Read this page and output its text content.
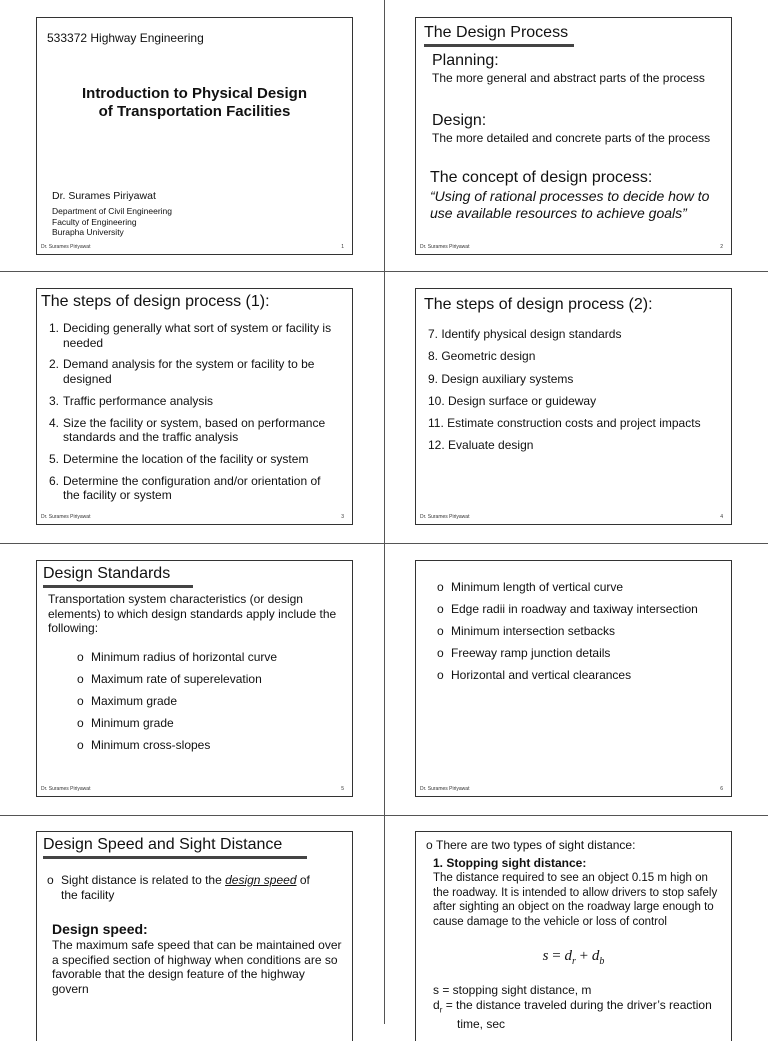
533372 Highway Engineering
Introduction to Physical Design
of Transportation Facilities
Dr. Surames Piriyawat
Department of Civil Engineering
Faculty of Engineering
Burapha University
Dr. Surames Piriyawat	1
The Design Process
Planning:
The more general and abstract parts of the process
Design:
The more detailed and concrete parts of the process
The concept of design process:
“Using of rational processes to decide how to use available resources to achieve goals”
Dr. Surames Piriyawat	2
The steps of design process (1):
1. Deciding generally what sort of system or facility is needed
2. Demand analysis for the system or facility to be designed
3. Traffic performance analysis
4. Size the facility or system, based on performance standards and the traffic analysis
5. Determine the location of the facility or system
6. Determine the configuration and/or orientation of the facility or system
Dr. Surames Piriyawat	3
The steps of design process (2):
7. Identify physical design standards
8. Geometric design
9. Design auxiliary systems
10. Design surface or guideway
11. Estimate construction costs and project impacts
12. Evaluate design
Dr. Surames Piriyawat	4
Design Standards
Transportation system characteristics (or design elements) to which design standards apply include the following:
o Minimum radius of horizontal curve
o Maximum rate of superelevation
o Maximum grade
o Minimum grade
o Minimum cross-slopes
Dr. Surames Piriyawat	5
o Minimum length of vertical curve
o Edge radii in roadway and taxiway intersection
o Minimum intersection setbacks
o Freeway ramp junction details
o Horizontal and vertical clearances
Dr. Surames Piriyawat	6
Design Speed and Sight Distance
o Sight distance is related to the design speed of
the facility
Design speed:
The maximum safe speed that can be maintained over a specified section of highway when conditions are so favorable that the design feature of the highway govern
o There are two types of sight distance:
1. Stopping sight distance:
The distance required to see an object 0.15 m high on the roadway. It is intended to allow drivers to stop safely after sighting an object on the roadway large enough to cause damage to the vehicle or loss of control
$s = d_r + d_b$
s = stopping sight distance, m
$d_r$ = the distance traveled during the driver’s reaction
time, sec
